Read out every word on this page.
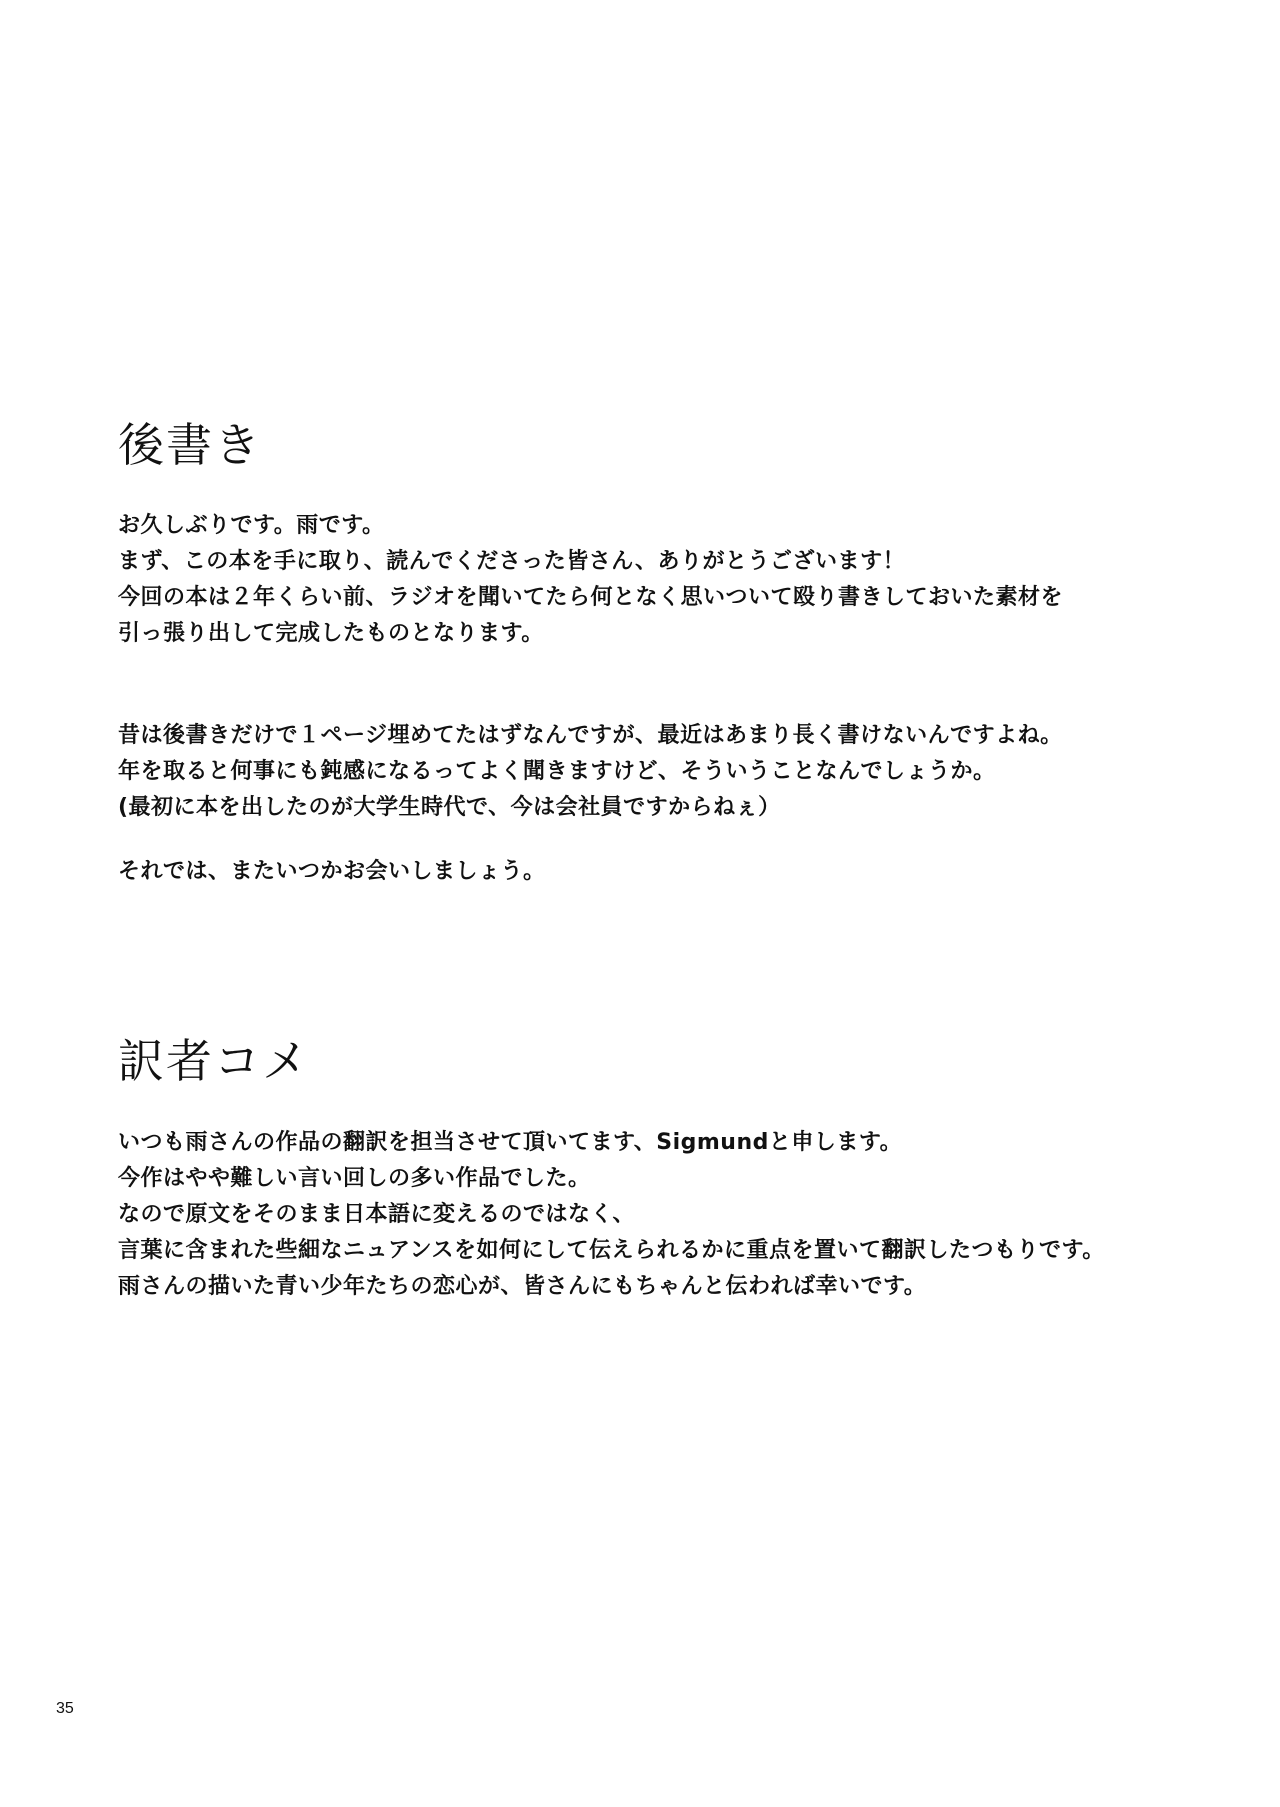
後書き
お久しぶりです。雨です。
まず、この本を手に取り、読んでくださった皆さん、ありがとうございます！
今回の本は２年くらい前、ラジオを聞いてたら何となく思いついて殴り書きしておいた素材を
引っ張り出して完成したものとなります。
昔は後書きだけで１ページ埋めてたはずなんですが、最近はあまり長く書けないんですよね。
年を取ると何事にも鈍感になるってよく聞きますけど、そういうことなんでしょうか。
(最初に本を出したのが大学生時代で、今は会社員ですからねぇ）
それでは、またいつかお会いしましょう。
訳者コメ
いつも雨さんの作品の翻訳を担当させて頂いてます、Sigmundと申します。
今作はやや難しい言い回しの多い作品でした。
なので原文をそのまま日本語に変えるのではなく、
言葉に含まれた些細なニュアンスを如何にして伝えられるかに重点を置いて翻訳したつもりです。
雨さんの描いた青い少年たちの恋心が、皆さんにもちゃんと伝われば幸いです。
35
